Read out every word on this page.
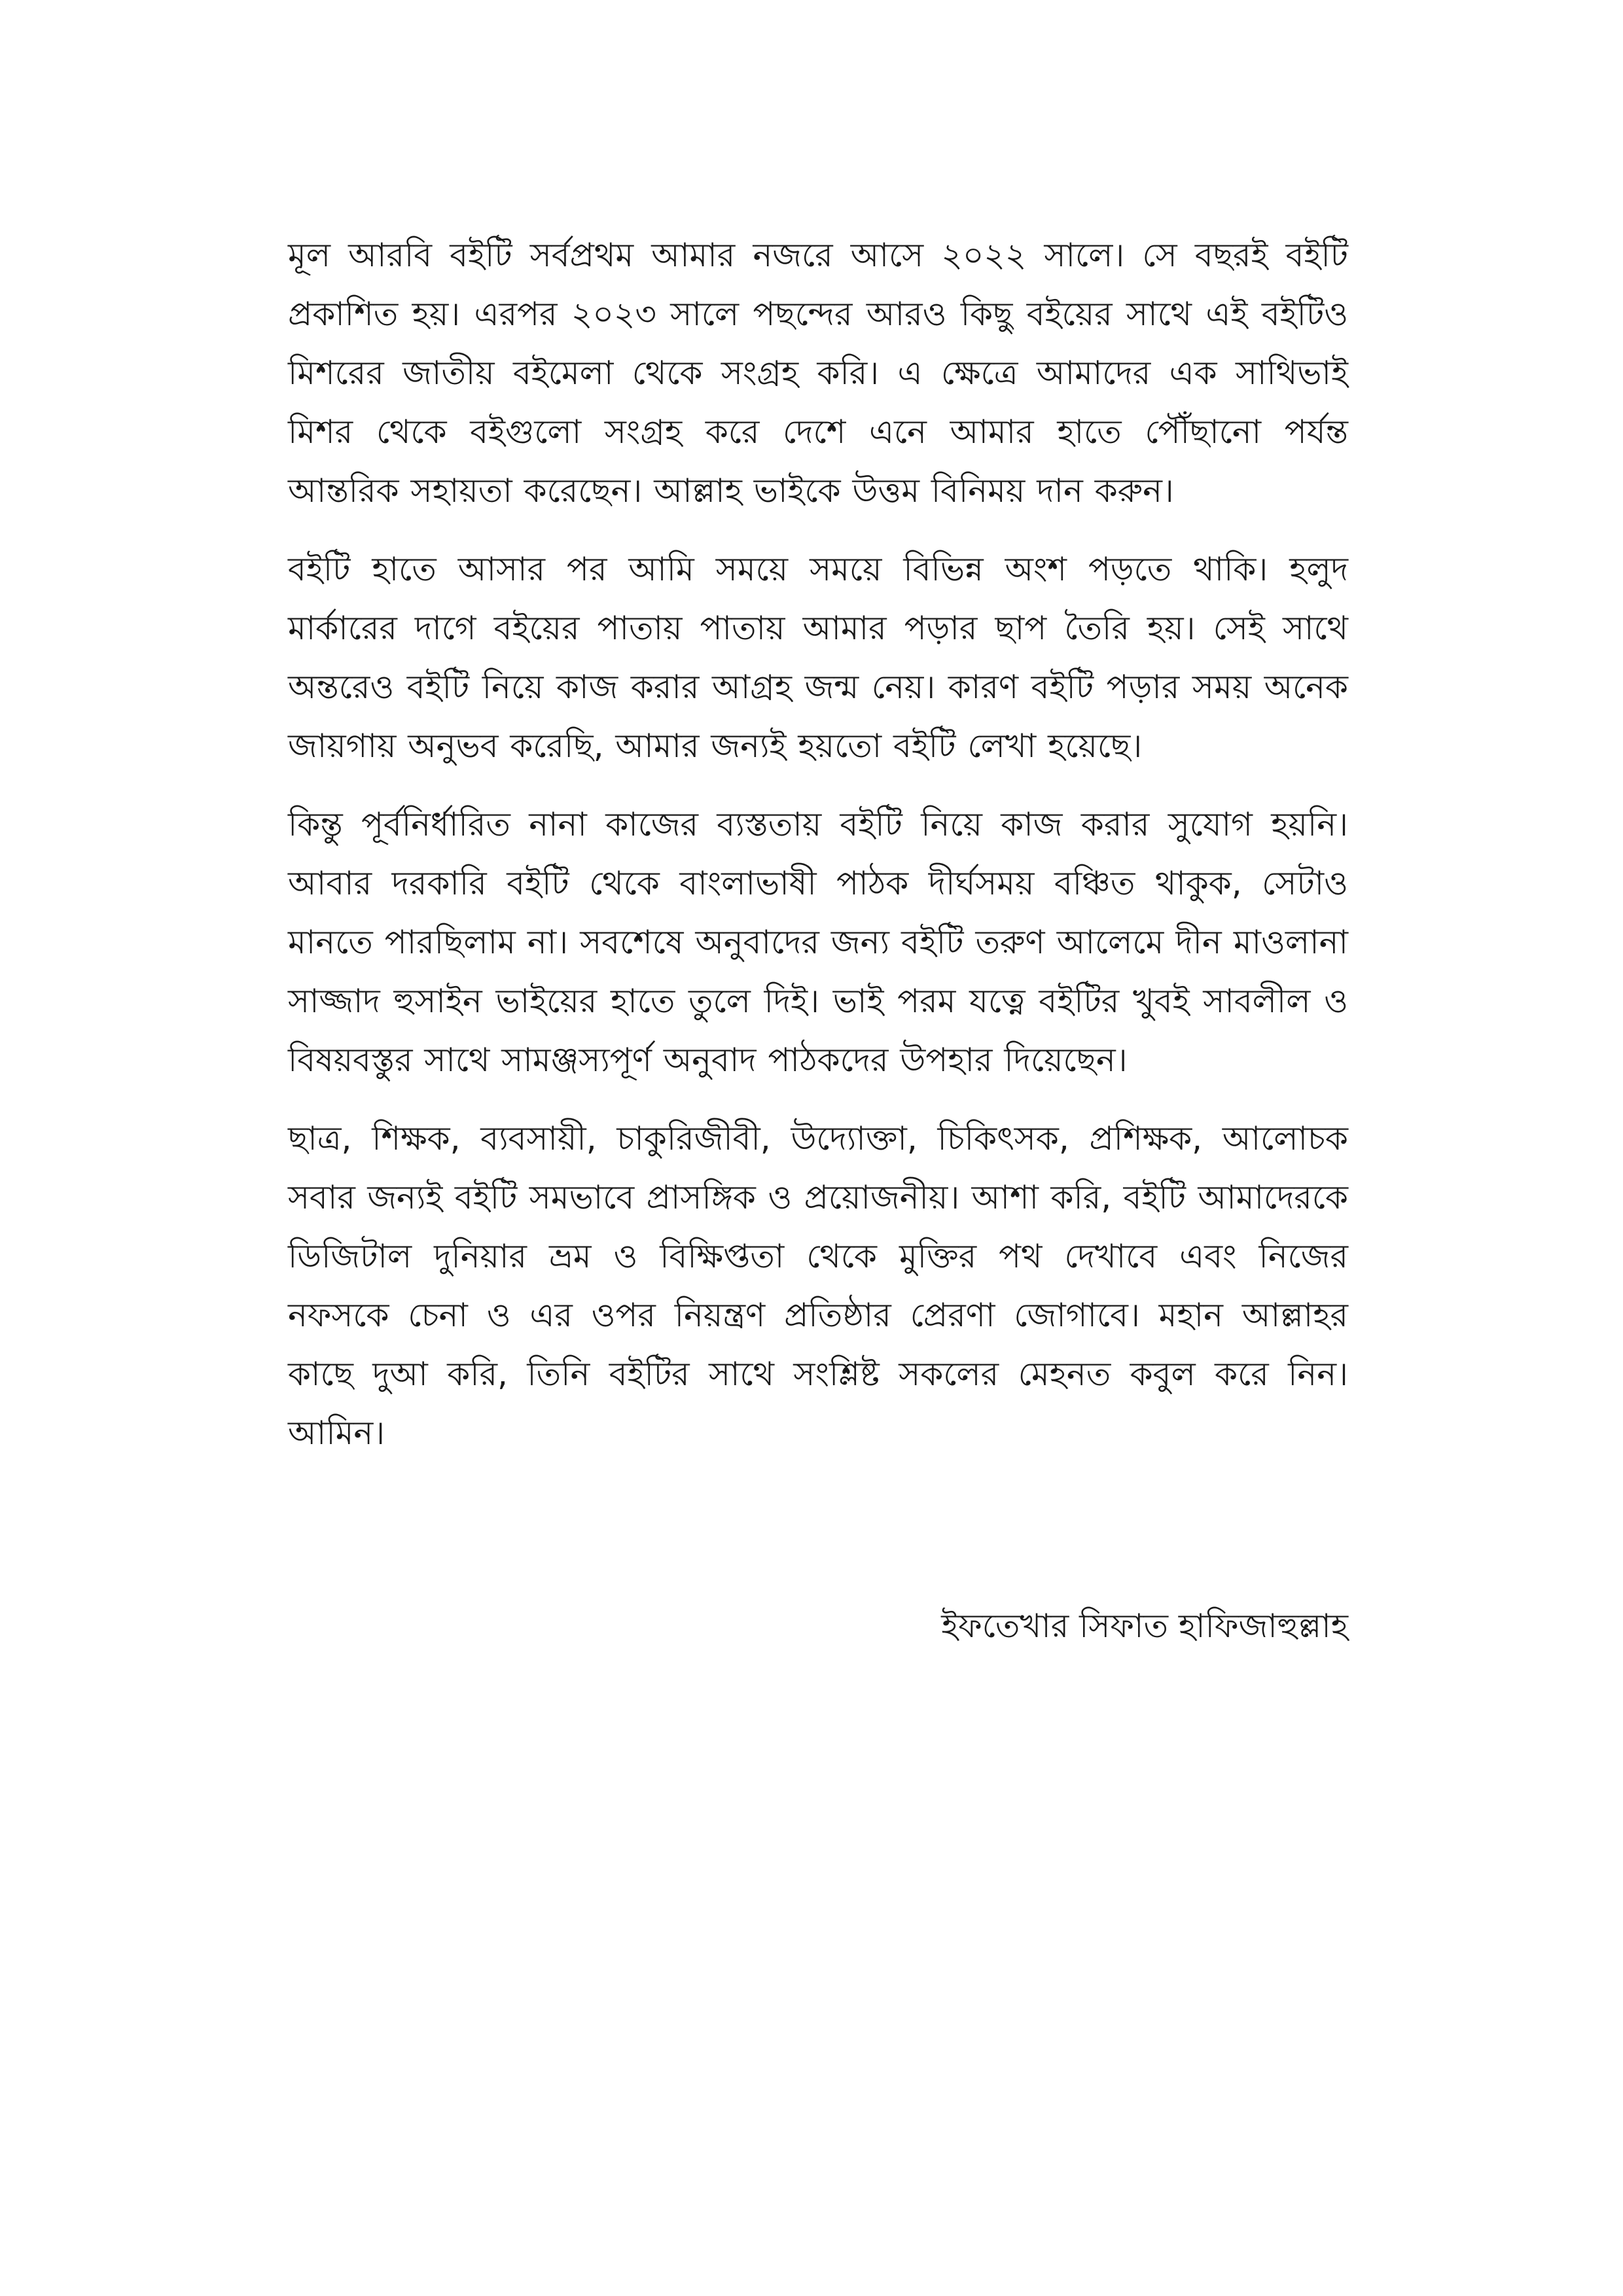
মূল আরবি বইটি সর্বপ্রথম আমার নজরে আসে ২০২২ সালে। সে বছরই বইটি প্রকাশিত হয়। এরপর ২০২৩ সালে পছন্দের আরও কিছু বইয়ের সাথে এই বইটিও মিশরের জাতীয় বইমেলা থেকে সংগ্রহ করি। এ ক্ষেত্রে আমাদের এক সাথিভাই মিশর থেকে বইগুলো সংগ্রহ করে দেশে এনে আমার হাতে পৌঁছানো পর্যন্ত আন্তরিক সহায়তা করেছেন। আল্লাহ ভাইকে উত্তম বিনিময় দান করুন।

বইটি হাতে আসার পর আমি সময়ে সময়ে বিভিন্ন অংশ পড়তে থাকি। হলুদ মার্কারের দাগে বইয়ের পাতায় পাতায় আমার পড়ার ছাপ তৈরি হয়। সেই সাথে অন্তরেও বইটি নিয়ে কাজ করার আগ্রহ জন্ম নেয়। কারণ বইটি পড়ার সময় অনেক জায়গায় অনুভব করেছি, আমার জন্যই হয়তো বইটি লেখা হয়েছে।

কিন্তু পূর্বনির্ধারিত নানা কাজের ব্যস্ততায় বইটি নিয়ে কাজ করার সুযোগ হয়নি। আবার দরকারি বইটি থেকে বাংলাভাষী পাঠক দীর্ঘসময় বঞ্চিত থাকুক, সেটাও মানতে পারছিলাম না। সবশেষে অনুবাদের জন্য বইটি তরুণ আলেমে দীন মাওলানা সাজ্জাদ হুসাইন ভাইয়ের হাতে তুলে দিই। ভাই পরম যত্নে বইটির খুবই সাবলীল ও বিষয়বস্তুর সাথে সামঞ্জস্যপূর্ণ অনুবাদ পাঠকদের উপহার দিয়েছেন।

ছাত্র, শিক্ষক, ব্যবসায়ী, চাকুরিজীবী, উদ্যোক্তা, চিকিৎসক, প্রশিক্ষক, আলোচক সবার জন্যই বইটি সমভাবে প্রাসঙ্গিক ও প্রয়োজনীয়। আশা করি, বইটি আমাদেরকে ডিজিটাল দুনিয়ার ভ্রম ও বিক্ষিপ্ততা থেকে মুক্তির পথ দেখাবে এবং নিজের নফসকে চেনা ও এর ওপর নিয়ন্ত্রণ প্রতিষ্ঠার প্রেরণা জোগাবে। মহান আল্লাহর কাছে দুআ করি, তিনি বইটির সাথে সংশ্লিষ্ট সকলের মেহনত কবুল করে নিন। আমিন।

ইফতেখার সিফাত হাফিজাহুল্লাহ
